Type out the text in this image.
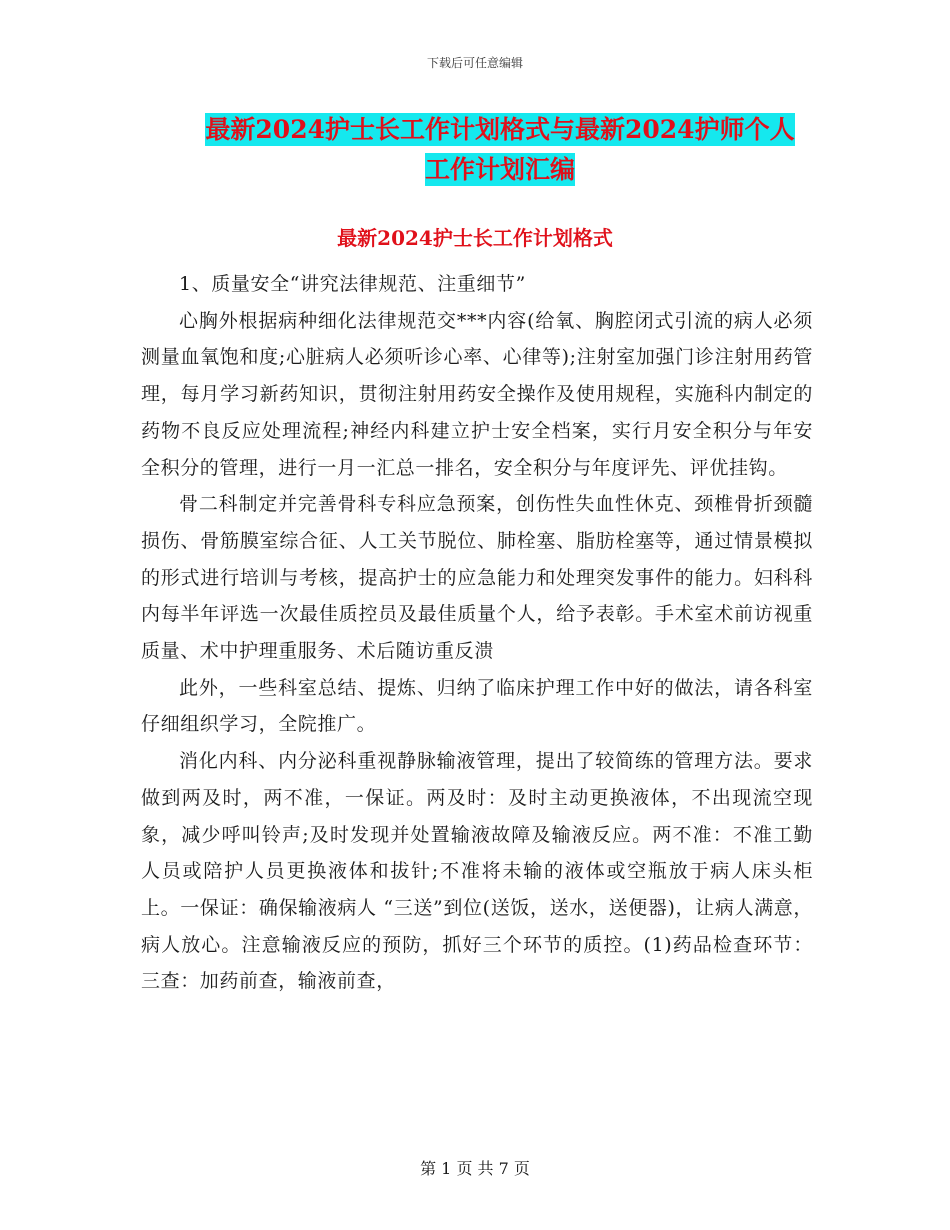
下载后可任意编辑
最新2024护士长工作计划格式与最新2024护师个人
工作计划汇编
最新2024护士长工作计划格式

1、质量安全“讲究法律规范、注重细节”

心胸外根据病种细化法律规范交***内容(给氧、胸腔闭式引流的病人必须测量血氧饱和度;心脏病人必须听诊心率、心律等);注射室加强门诊注射用药管理，每月学习新药知识，贯彻注射用药安全操作及使用规程，实施科内制定的药物不良反应处理流程;神经内科建立护士安全档案，实行月安全积分与年安全积分的管理，进行一月一汇总一排名，安全积分与年度评先、评优挂钩。

骨二科制定并完善骨科专科应急预案，创伤性失血性休克、颈椎骨折颈髓损伤、骨筋膜室综合征、人工关节脱位、肺栓塞、脂肪栓塞等，通过情景模拟的形式进行培训与考核，提高护士的应急能力和处理突发事件的能力。妇科科内每半年评选一次最佳质控员及最佳质量个人，给予表彰。手术室术前访视重质量、术中护理重服务、术后随访重反溃

此外，一些科室总结、提炼、归纳了临床护理工作中好的做法，请各科室仔细组织学习，全院推广。

消化内科、内分泌科重视静脉输液管理，提出了较简练的管理方法。要求做到两及时，两不准，一保证。两及时：及时主动更换液体，不出现流空现象，减少呼叫铃声;及时发现并处置输液故障及输液反应。两不准：不准工勤人员或陪护人员更换液体和拔针;不准将未输的液体或空瓶放于病人床头柜上。一保证：确保输液病人 “三送”到位(送饭，送水，送便器)，让病人满意，病人放心。注意输液反应的预防，抓好三个环节的质控。(1)药品检查环节：三查：加药前查，输液前查，

第 1 页 共 7 页
